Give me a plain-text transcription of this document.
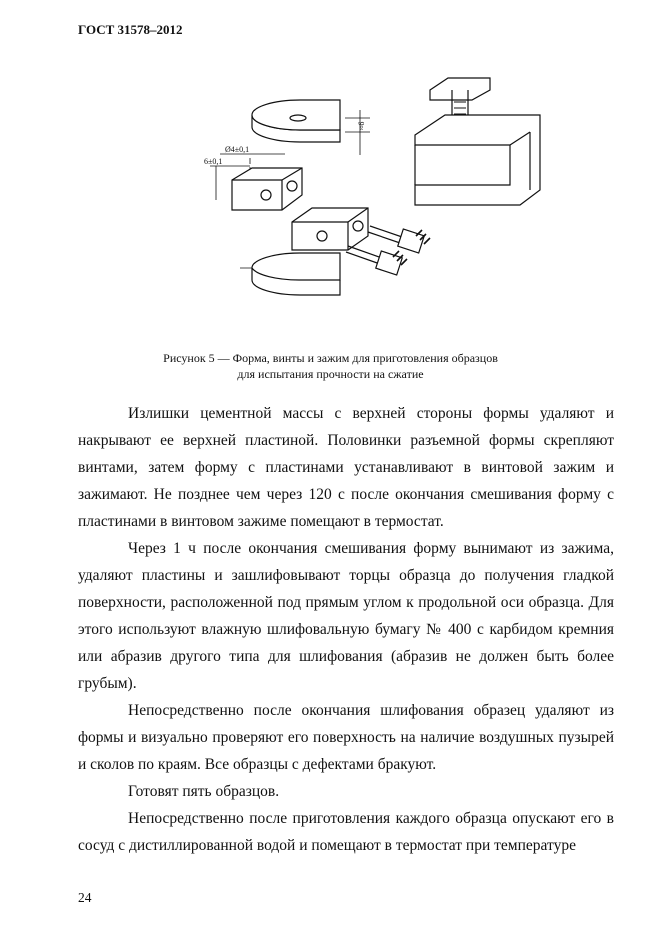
ГОСТ 31578–2012
≈6
Ø4±0,1
6±0,1
Рисунок 5 — Форма, винты и зажим для приготовления образцов
для испытания прочности на сжатие

Излишки цементной массы с верхней стороны формы удаляют и накрывают ее верхней пластиной. Половинки разъемной формы скрепляют винтами, затем форму с пластинами устанавливают в винтовой зажим и зажимают. Не позднее чем через 120 с после окончания смешивания форму с пластинами в винтовом зажиме помещают в термостат.

Через 1 ч после окончания смешивания форму вынимают из зажима, удаляют пластины и зашлифовывают торцы образца до получения гладкой поверхности, расположенной под прямым углом к продольной оси образца. Для этого используют влажную шлифовальную бумагу № 400 с карбидом кремния или абразив другого типа для шлифования (абразив не должен быть более грубым).

Непосредственно после окончания шлифования образец удаляют из формы и визуально проверяют его поверхность на наличие воздушных пузырей и сколов по краям. Все образцы с дефектами бракуют.

Готовят пять образцов.

Непосредственно после приготовления каждого образца опускают его в сосуд с дистиллированной водой и помещают в термостат при температуре

24
